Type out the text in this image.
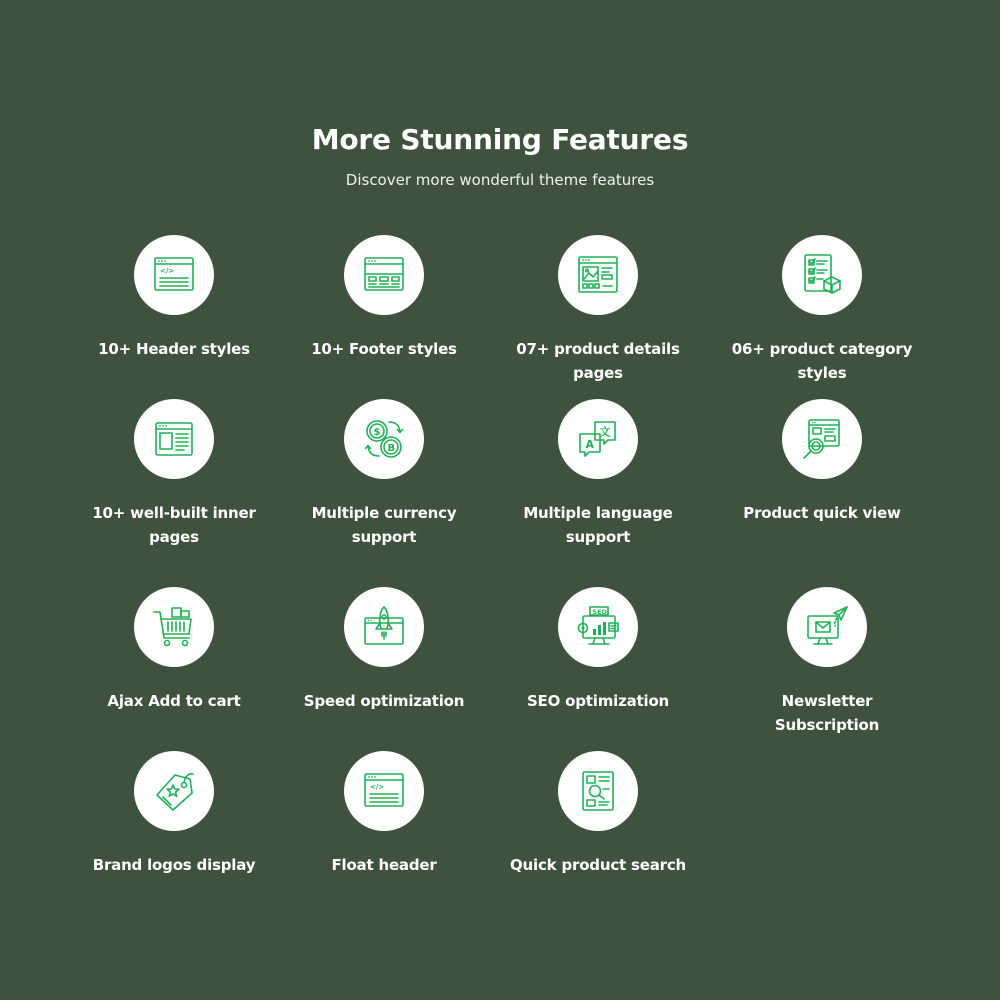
More Stunning Features

Discover more wonderful theme features

</>
10+ Header styles	10+ Footer styles	07+ product details pages
06+ product category styles
10+ well-built inner pages
$
B
Multiple currency support
文
A
Multiple language support
Product quick view
Ajax Add to cart	Speed optimization
SEO
SEO optimization	Newsletter Subscription
Brand logos display
</>
Float header	Quick product search
